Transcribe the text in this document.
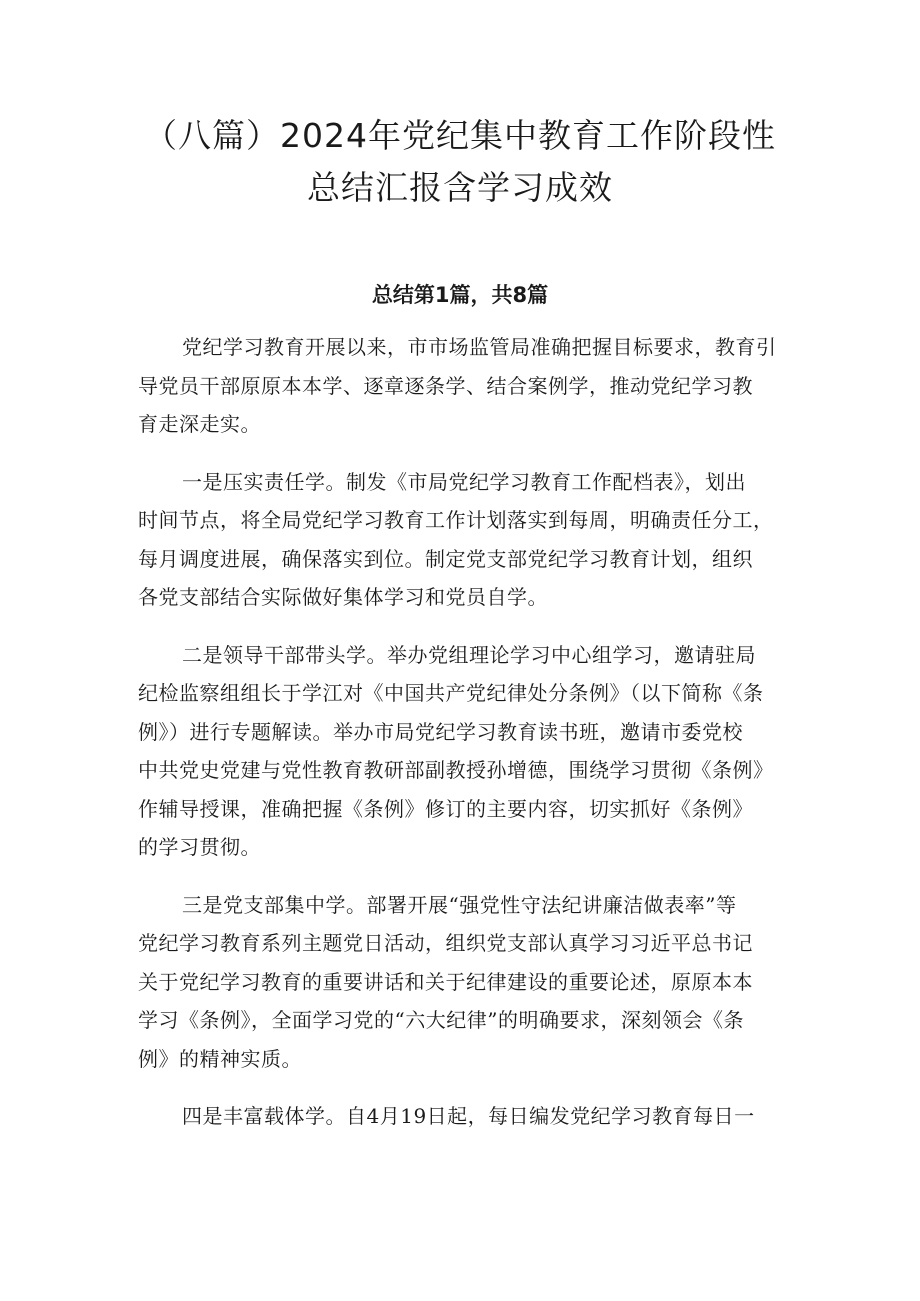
（八篇）2024年党纪集中教育工作阶段性
总结汇报含学习成效
总结第1篇，共8篇

党纪学习教育开展以来，市市场监管局准确把握目标要求，教育引
导党员干部原原本本学、逐章逐条学、结合案例学，推动党纪学习教
育走深走实。

一是压实责任学。制发《市局党纪学习教育工作配档表》，划出
时间节点，将全局党纪学习教育工作计划落实到每周，明确责任分工，
每月调度进展，确保落实到位。制定党支部党纪学习教育计划，组织
各党支部结合实际做好集体学习和党员自学。

二是领导干部带头学。举办党组理论学习中心组学习，邀请驻局
纪检监察组组长于学江对《中国共产党纪律处分条例》（以下简称《条
例》）进行专题解读。举办市局党纪学习教育读书班，邀请市委党校
中共党史党建与党性教育教研部副教授孙增德，围绕学习贯彻《条例》
作辅导授课，准确把握《条例》修订的主要内容，切实抓好《条例》
的学习贯彻。

三是党支部集中学。部署开展“强党性守法纪讲廉洁做表率”等
党纪学习教育系列主题党日活动，组织党支部认真学习习近平总书记
关于党纪学习教育的重要讲话和关于纪律建设的重要论述，原原本本
学习《条例》，全面学习党的“六大纪律”的明确要求，深刻领会《条
例》的精神实质。

四是丰富载体学。自4月19日起，每日编发党纪学习教育每日一
